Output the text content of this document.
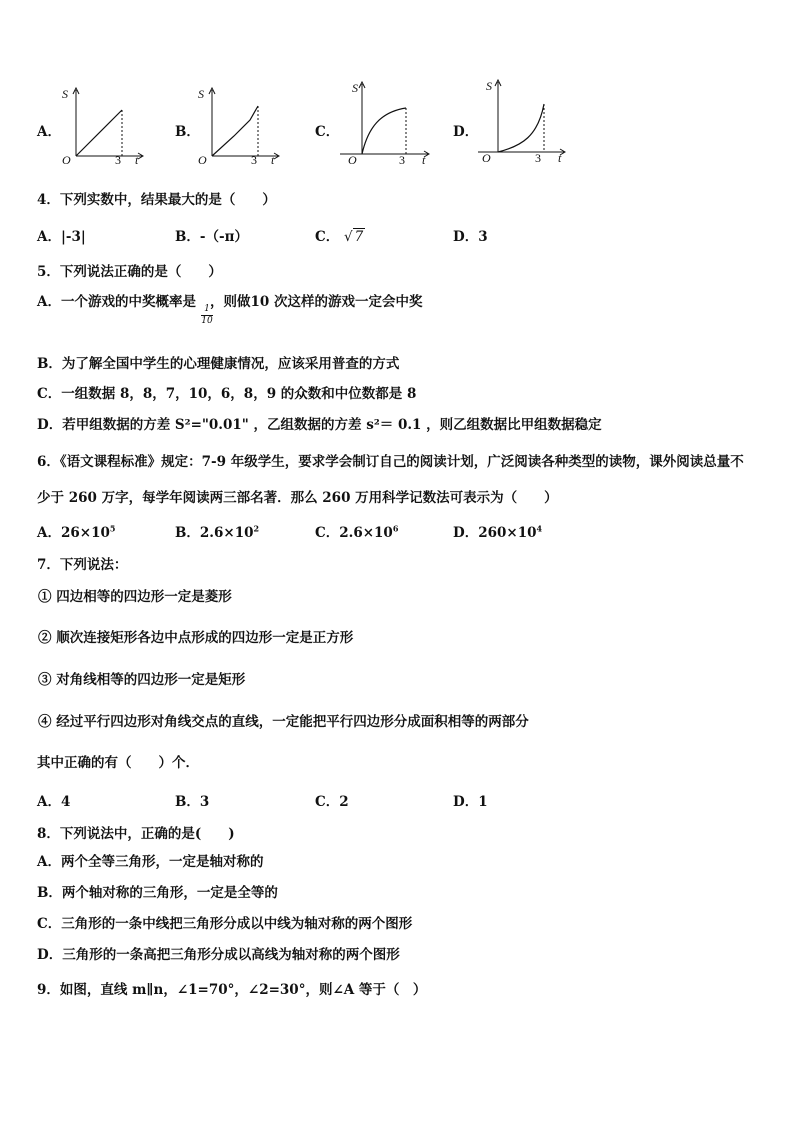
A．
S
O	3 t
B．
S
O	3 t
C．
S
O	3 t
D．
S
O	3 t
4．下列实数中，结果最大的是（　　）
A．|-3|	B．-（-π）	C． √ 7	D．3
5．下列说法正确的是（　　）
A．一个游戏的中奖概率是 ，则做10 次这样的游戏一定会中奖
1
10
B．为了解全国中学生的心理健康情况，应该采用普查的方式
C．一组数据 8，8，7，10，6，8，9 的众数和中位数都是 8
D．若甲组数据的方差 S²="0.01" ，乙组数据的方差 s²＝ 0.1 ，则乙组数据比甲组数据稳定
6．《语文课程标准》规定：7-9 年级学生，要求学会制订自己的阅读计划，广泛阅读各种类型的读物，课外阅读总量不
少于 260 万字，每学年阅读两三部名著．那么 260 万用科学记数法可表示为（　　）
A．$26\times 10^5$	B．$2.6\times 10^2$	C．$2.6\times 10^6$	D．$260\times 10^4$
7．下列说法：
① 四边相等的四边形一定是菱形
② 顺次连接矩形各边中点形成的四边形一定是正方形
③ 对角线相等的四边形一定是矩形
④ 经过平行四边形对角线交点的直线，一定能把平行四边形分成面积相等的两部分
其中正确的有（　　）个．
A．4	B．3	C．2	D．1
8．下列说法中，正确的是(　　)
A．两个全等三角形，一定是轴对称的
B．两个轴对称的三角形，一定是全等的
C．三角形的一条中线把三角形分成以中线为轴对称的两个图形
D．三角形的一条高把三角形分成以高线为轴对称的两个图形
9．如图，直线 m∥n，∠1=70°，∠2=30°，则∠A 等于（　）
